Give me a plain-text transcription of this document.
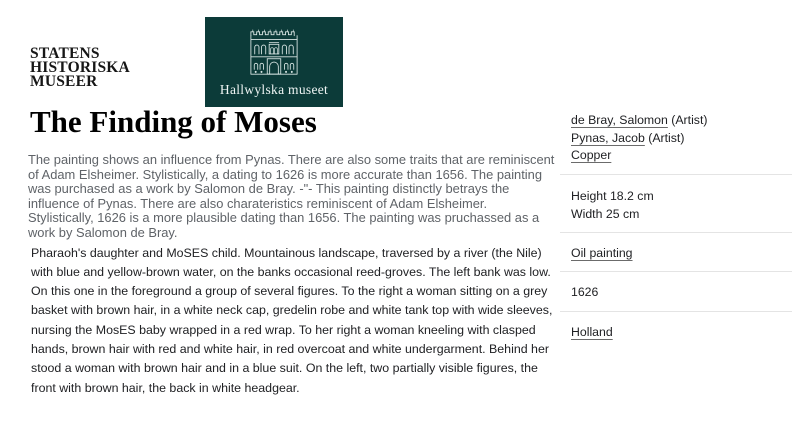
STATENS
HISTORISKA
MUSEER	Hallwylska museet
The Finding of Moses

The painting shows an influence from Pynas. There are also some traits that are reminiscent of Adam Elsheimer. Stylistically, a dating to 1626 is more accurate than 1656. The painting was purchased as a work by Salomon de Bray. -"- This painting distinctly betrays the influence of Pynas. There are also charateristics reminiscent of Adam Elsheimer. Stylistically, 1626 is a more plausible dating than 1656. The painting was pruchassed as a work by Salomon de Bray.

Pharaoh's daughter and MoSES child. Mountainous landscape, traversed by a river (the Nile) with blue and yellow-brown water, on the banks occasional reed-groves. The left bank was low. On this one in the foreground a group of several figures. To the right a woman sitting on a grey basket with brown hair, in a white neck cap, gredelin robe and white tank top with wide sleeves, nursing the MosES baby wrapped in a red wrap. To her right a woman kneeling with clasped hands, brown hair with red and white hair, in red overcoat and white undergarment. Behind her stood a woman with brown hair and in a blue suit. On the left, two partially visible figures, the front with brown hair, the back in white headgear.

de Bray, Salomon (Artist)
Pynas, Jacob (Artist)
Copper
Height 18.2 cm
Width 25 cm
Oil painting
1626
Holland
